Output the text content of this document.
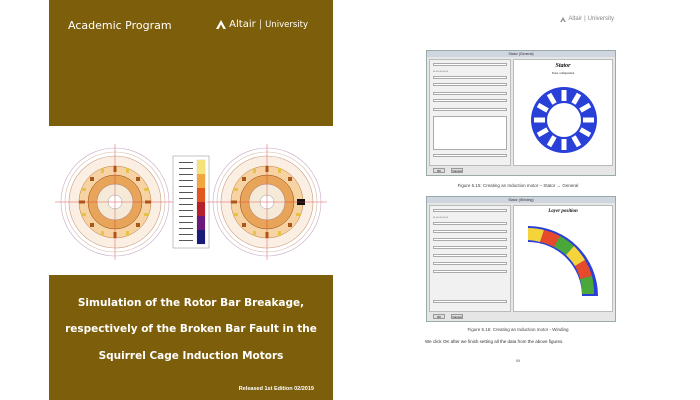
Academic Program	Altair | University
Simulation of the Rotor Bar Breakage,
respectively of the Broken Bar Fault in the
Squirrel Cage Induction Motors
Released 1st Edition 02/2019
Altair | University
Stator (General)
▭ ▭ ▭ ▭ ▭
Stator
Stator configuration
OK	Cancel
Figure 5.15: Creating an Induction motor – Stator → General
Stator (Winding)
▭ ▭ ▭ ▭ ▭
Layer position
OK	Cancel
Figure 5.16: Creating an Induction motor - Winding
We click OK after we finish setting all the data from the above figures.
59
